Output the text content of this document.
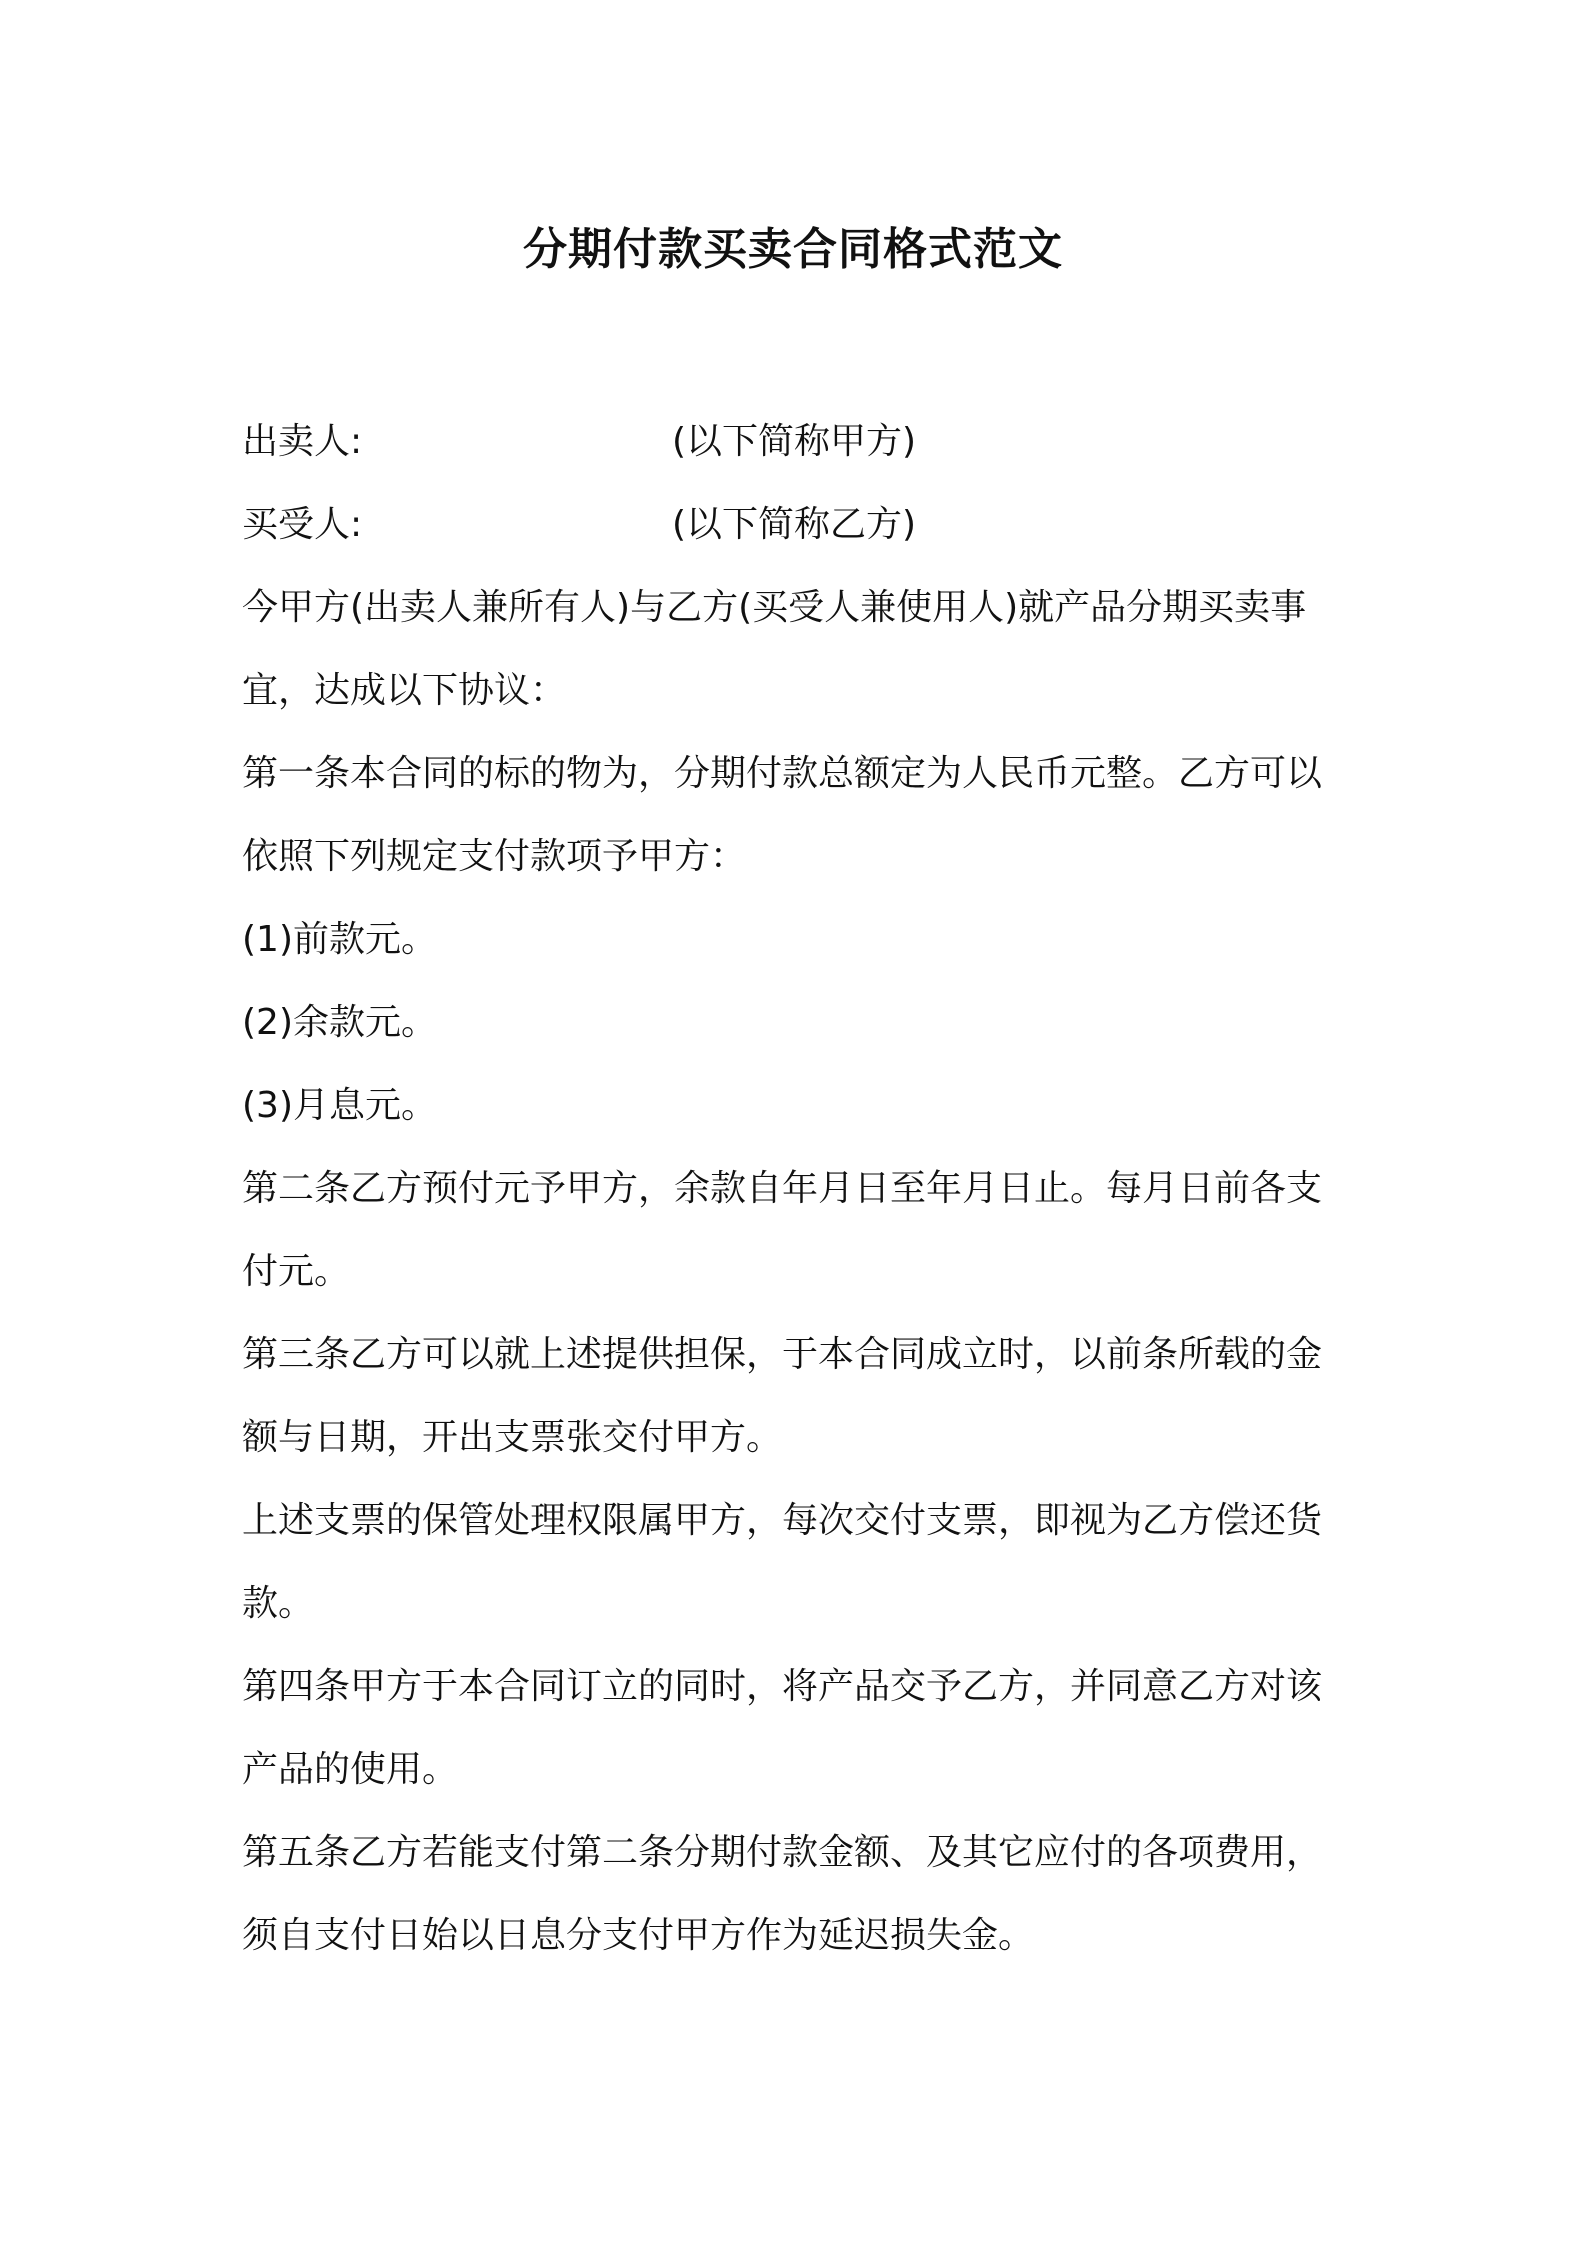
分期付款买卖合同格式范文
出卖人:	(以下简称甲方)
买受人:	(以下简称乙方)
今甲方(出卖人兼所有人)与乙方(买受人兼使用人)就产品分期买卖事
宜，达成以下协议：
第一条本合同的标的物为，分期付款总额定为人民币元整。乙方可以
依照下列规定支付款项予甲方：
(1)前款元。
(2)余款元。
(3)月息元。
第二条乙方预付元予甲方，余款自年月日至年月日止。每月日前各支
付元。
第三条乙方可以就上述提供担保，于本合同成立时，以前条所载的金
额与日期，开出支票张交付甲方。
上述支票的保管处理权限属甲方，每次交付支票，即视为乙方偿还货
款。
第四条甲方于本合同订立的同时，将产品交予乙方，并同意乙方对该
产品的使用。
第五条乙方若能支付第二条分期付款金额、及其它应付的各项费用，
须自支付日始以日息分支付甲方作为延迟损失金。
